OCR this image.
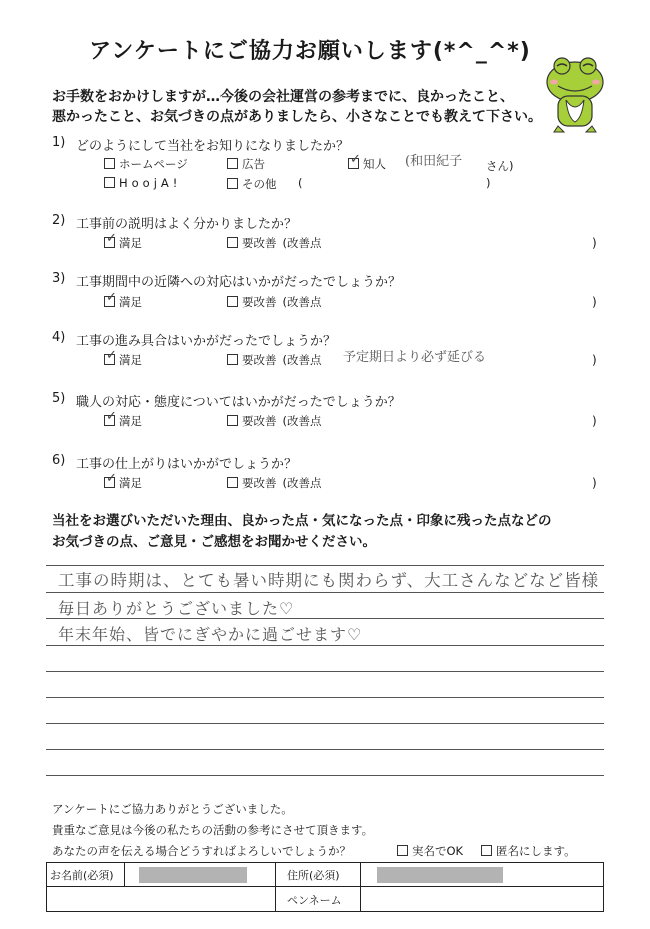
アンケートにご協力お願いします(*^_^*)
お手数をおかけしますが…今後の会社運営の参考までに、良かったこと、
悪かったこと、お気づきの点がありましたら、小さなことでも教えて下さい。
1) どのようにして当社をお知りになりましたか？
ホームページ	広告	✓ 知人 (和田紀子 さん)
HoojA!	その他 (	)
2) 工事前の説明はよく分かりましたか？
✓ 満足	要改善 (改善点	)
3) 工事期間中の近隣への対応はいかがだったでしょうか？
✓ 満足	要改善 (改善点	)
4) 工事の進み具合はいかがだったでしょうか？
✓ 満足	要改善 (改善点 予定期日より必ず延びる	)
5) 職人の対応・態度についてはいかがだったでしょうか？
✓ 満足	要改善 (改善点	)
6) 工事の仕上がりはいかがでしょうか？
✓ 満足	要改善 (改善点	)
当社をお選びいただいた理由、良かった点・気になった点・印象に残った点などの
お気づきの点、ご意見・ご感想をお聞かせください。
工事の時期は、とても暑い時期にも関わらず、大工さんなどなど皆様
毎日ありがとうございました♡
年末年始、皆でにぎやかに過ごせます♡
アンケートにご協力ありがとうございました。
貴重なご意見は今後の私たちの活動の参考にさせて頂きます。
あなたの声を伝える場合どうすればよろしいでしょうか？	実名でOK	匿名にします。
お名前(必須)	住所(必須)
ペンネーム
